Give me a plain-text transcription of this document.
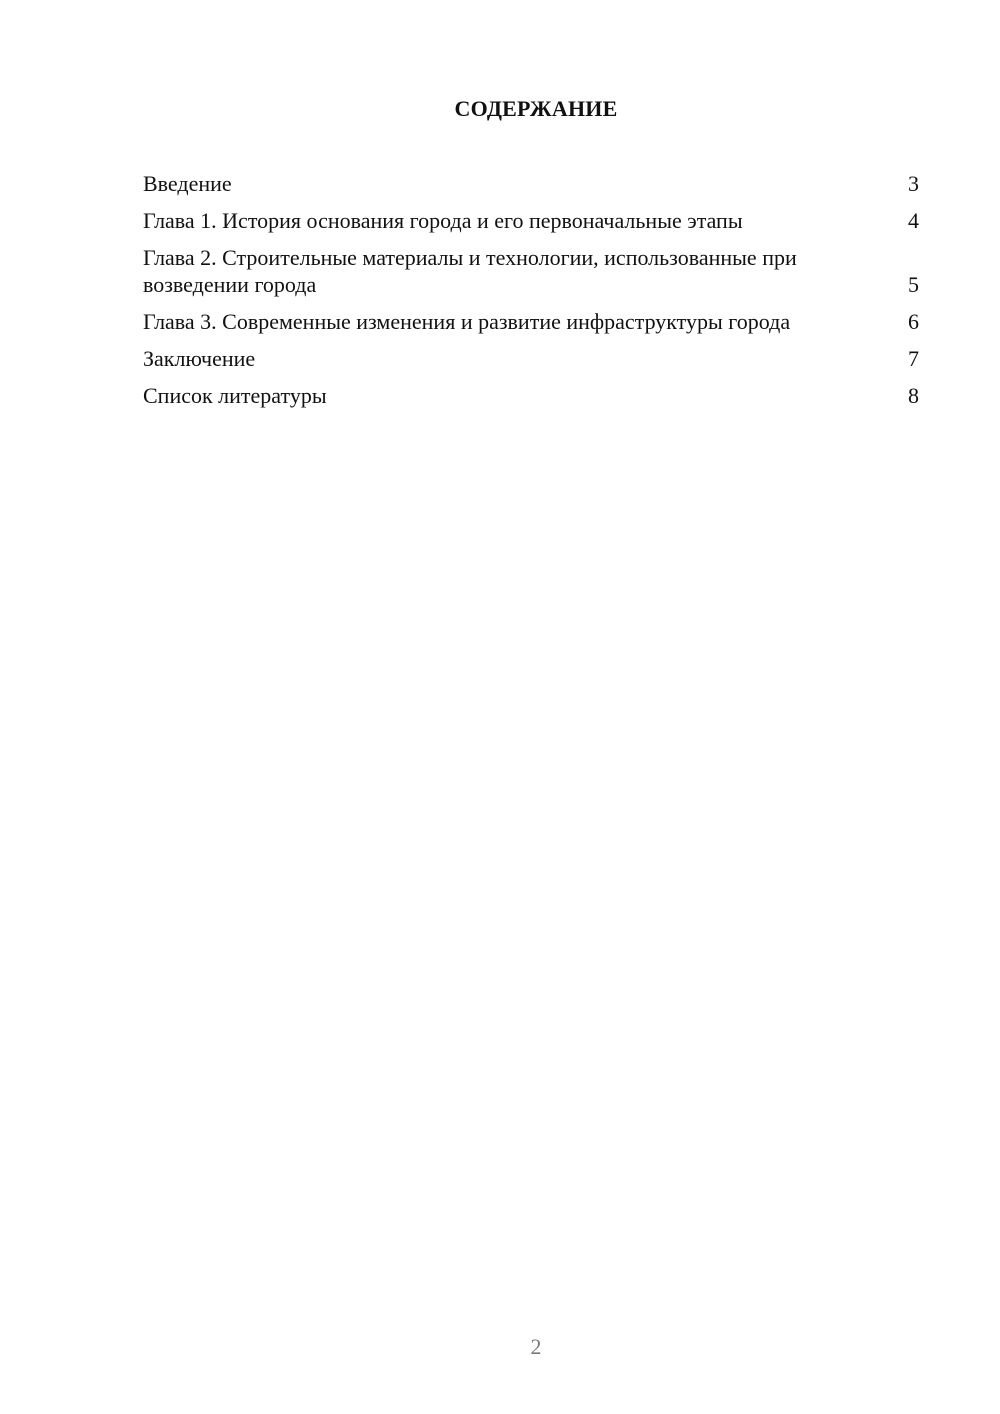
СОДЕРЖАНИЕ
Введение	3
Глава 1. История основания города и его первоначальные этапы	4
Глава 2. Строительные материалы и технологии, использованные при возведении города	5
Глава 3. Современные изменения и развитие инфраструктуры города	6
Заключение	7
Список литературы	8
2
